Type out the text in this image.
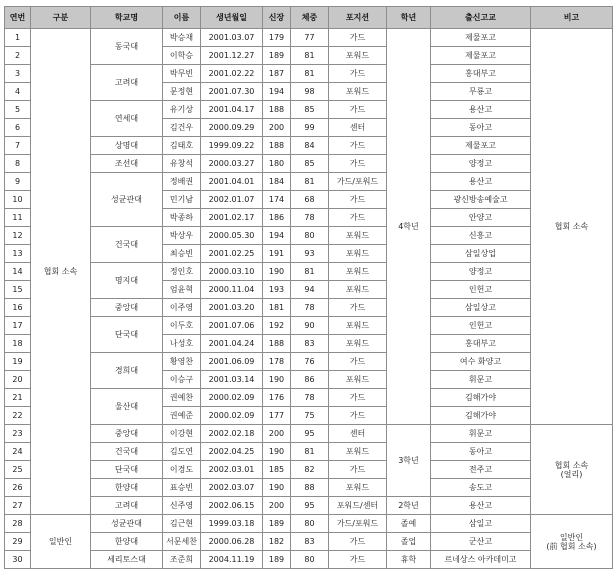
연번	구분	학교명	이름	생년월일	신장	체중	포지션	학년	출신고교	비고
1	협회 소속	동국대	박승재	2001.03.07	179	77	가드	4학년	제물포고	협회 소속
2			이학승	2001.12.27	189	81	포워드		제물포고	
3		고려대	박무빈	2001.02.22	187	81	가드		홍대부고	
4			문정현	2001.07.30	194	98	포워드		무룡고	
5		연세대	유기상	2001.04.17	188	85	가드		용산고	
6			김건우	2000.09.29	200	99	센터		동아고	
7		상명대	김태호	1999.09.22	188	84	가드		제물포고	
8		조선대	유창석	2000.03.27	180	85	가드		양정고	
9		성균관대	정배권	2001.04.01	184	81	가드/포워드		용산고	
10			민기남	2002.01.07	174	68	가드		광신방송예술고	
11			박종하	2001.02.17	186	78	가드		안양고	
12		건국대	박상우	2000.05.30	194	80	포워드		신흥고	
13			최승빈	2001.02.25	191	93	포워드		삼일상업	
14		명지대	정인호	2000.03.10	190	81	포워드		양정고	
15			엄윤혁	2000.11.04	193	94	포워드		인헌고	
16		중앙대	이주영	2001.03.20	181	78	가드		삼일상고	
17		단국대	이두호	2001.07.06	192	90	포워드		인헌고	
18			나성호	2001.04.24	188	83	포워드		홍대부고	
19		경희대	황영찬	2001.06.09	178	76	가드		여수 화양고	
20			이승구	2001.03.14	190	86	포워드		휘문고	
21		울산대	권예찬	2000.02.09	176	78	가드		김해가야	
22			권예준	2000.02.09	177	75	가드		김해가야	
23		중앙대	이강현	2002.02.18	200	95	센터	3학년	휘문고	협회 소속
(얼리)
24		건국대	김도연	2002.04.25	190	81	포워드		동아고	
25		단국대	이경도	2002.03.01	185	82	가드		전주고	
26		한양대	표승빈	2002.03.07	190	88	포워드		송도고	
27		고려대	신주영	2002.06.15	200	95	포워드/센터	2학년	용산고	
28	일반인	성균관대	김근현	1999.03.18	189	80	가드/포워드	졸예	삼일고	일반인
(前 협회 소속)
29		한양대	서문세찬	2000.06.28	182	83	가드	졸업	군산고	
30		세리토스대	조준희	2004.11.19	189	80	가드	휴학	르네상스 아카데미고	
